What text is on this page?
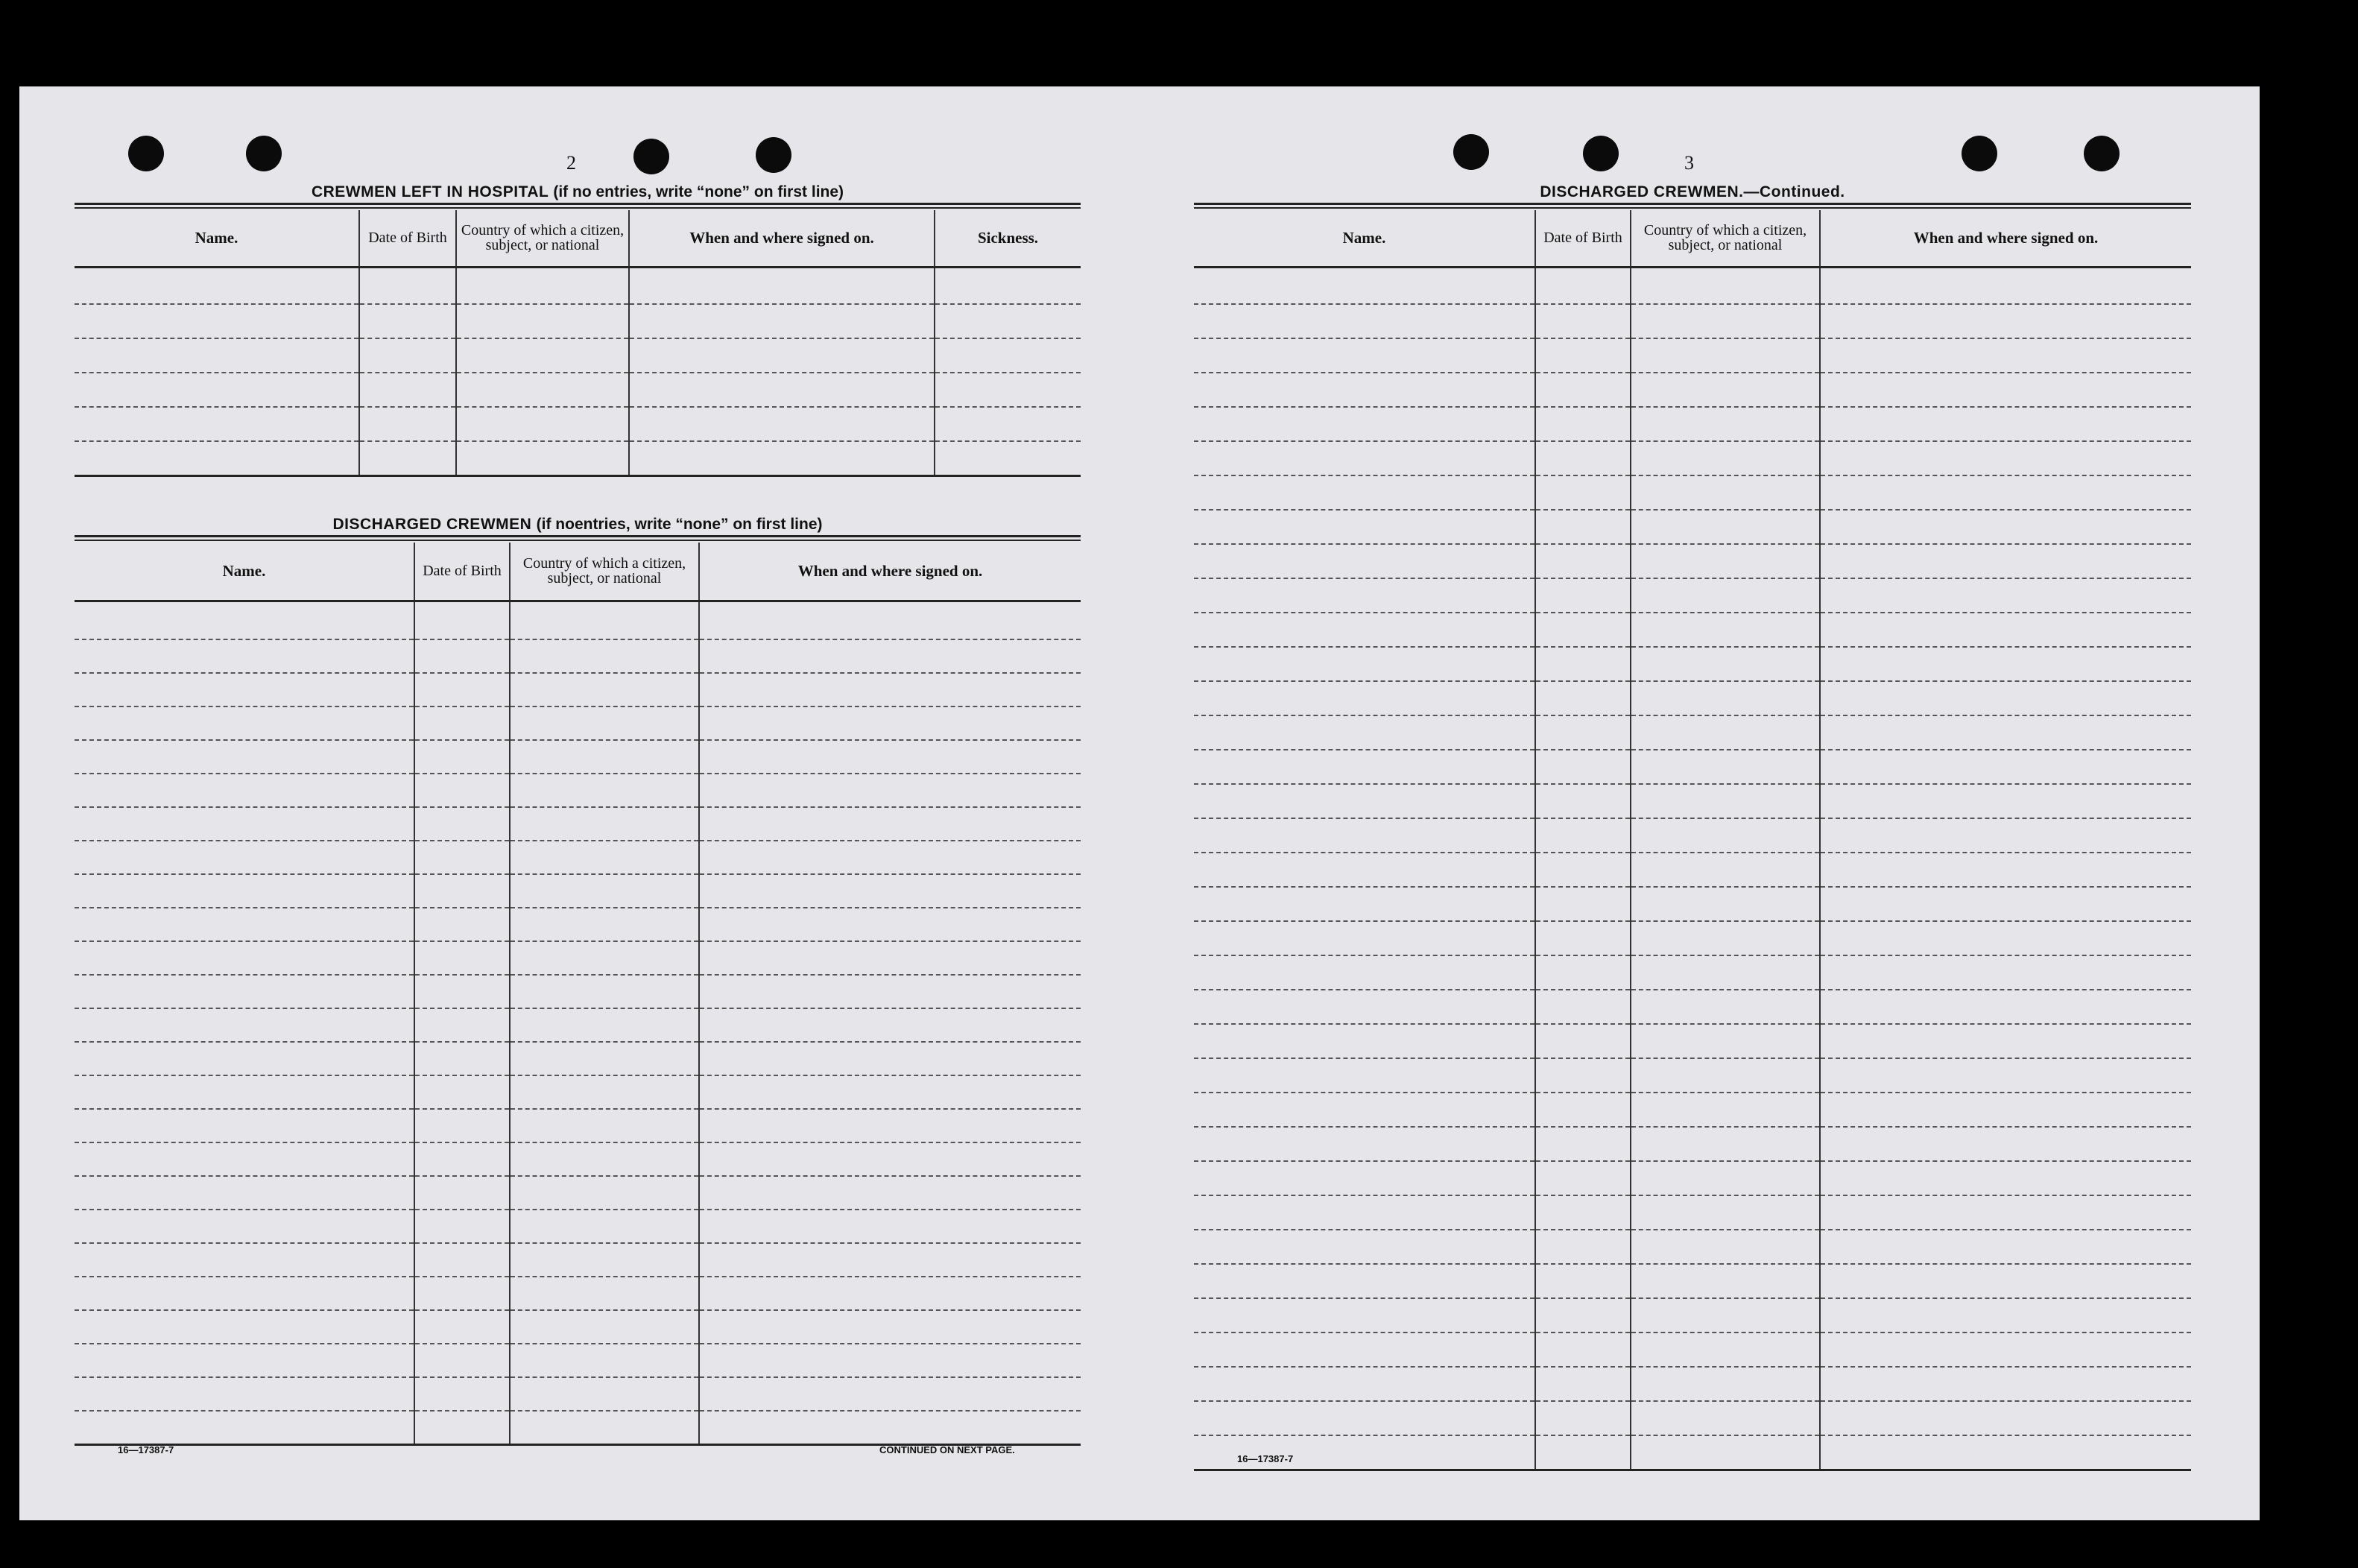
2	3
CREWMEN LEFT IN HOSPITAL (if no entries, write “none” on first line)
Name.	Date of Birth	Country of which a citizen, subject, or national	When and where signed on.	Sickness.

DISCHARGED CREWMEN (if noentries, write “none” on first line)
Name.	Date of Birth	Country of which a citizen, subject, or national	When and where signed on.

16—17387-7	CONTINUED ON NEXT PAGE.
DISCHARGED CREWMEN.—Continued.
Name.	Date of Birth	Country of which a citizen, subject, or national	When and where signed on.

16—17387-7
